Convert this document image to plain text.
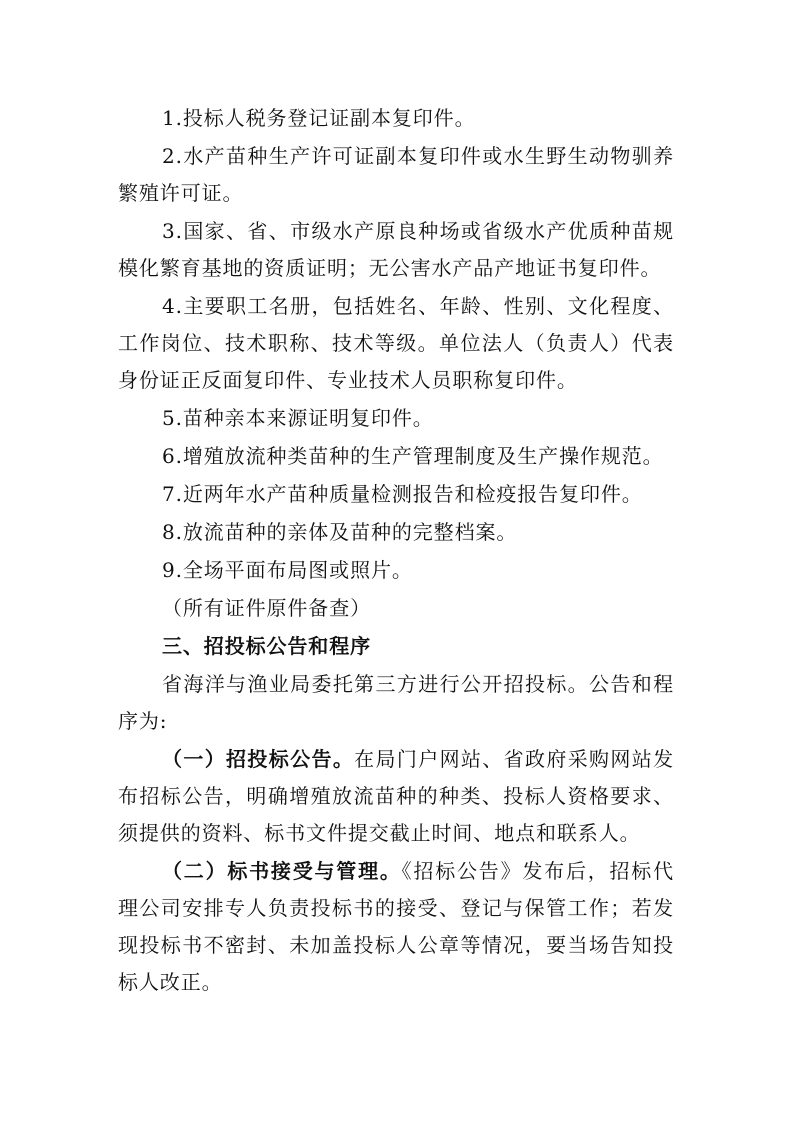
1.投标人税务登记证副本复印件。

2.水产苗种生产许可证副本复印件或水生野生动物驯养繁殖许可证。

3.国家、省、市级水产原良种场或省级水产优质种苗规模化繁育基地的资质证明；无公害水产品产地证书复印件。

4.主要职工名册，包括姓名、年龄、性别、文化程度、工作岗位、技术职称、技术等级。单位法人（负责人）代表身份证正反面复印件、专业技术人员职称复印件。

5.苗种亲本来源证明复印件。

6.增殖放流种类苗种的生产管理制度及生产操作规范。

7.近两年水产苗种质量检测报告和检疫报告复印件。

8.放流苗种的亲体及苗种的完整档案。

9.全场平面布局图或照片。

（所有证件原件备查）

三、招投标公告和程序

省海洋与渔业局委托第三方进行公开招投标。公告和程序为:

（一）招投标公告。在局门户网站、省政府采购网站发布招标公告，明确增殖放流苗种的种类、投标人资格要求、须提供的资料、标书文件提交截止时间、地点和联系人。

（二）标书接受与管理。《招标公告》发布后，招标代理公司安排专人负责投标书的接受、登记与保管工作；若发现投标书不密封、未加盖投标人公章等情况，要当场告知投标人改正。
